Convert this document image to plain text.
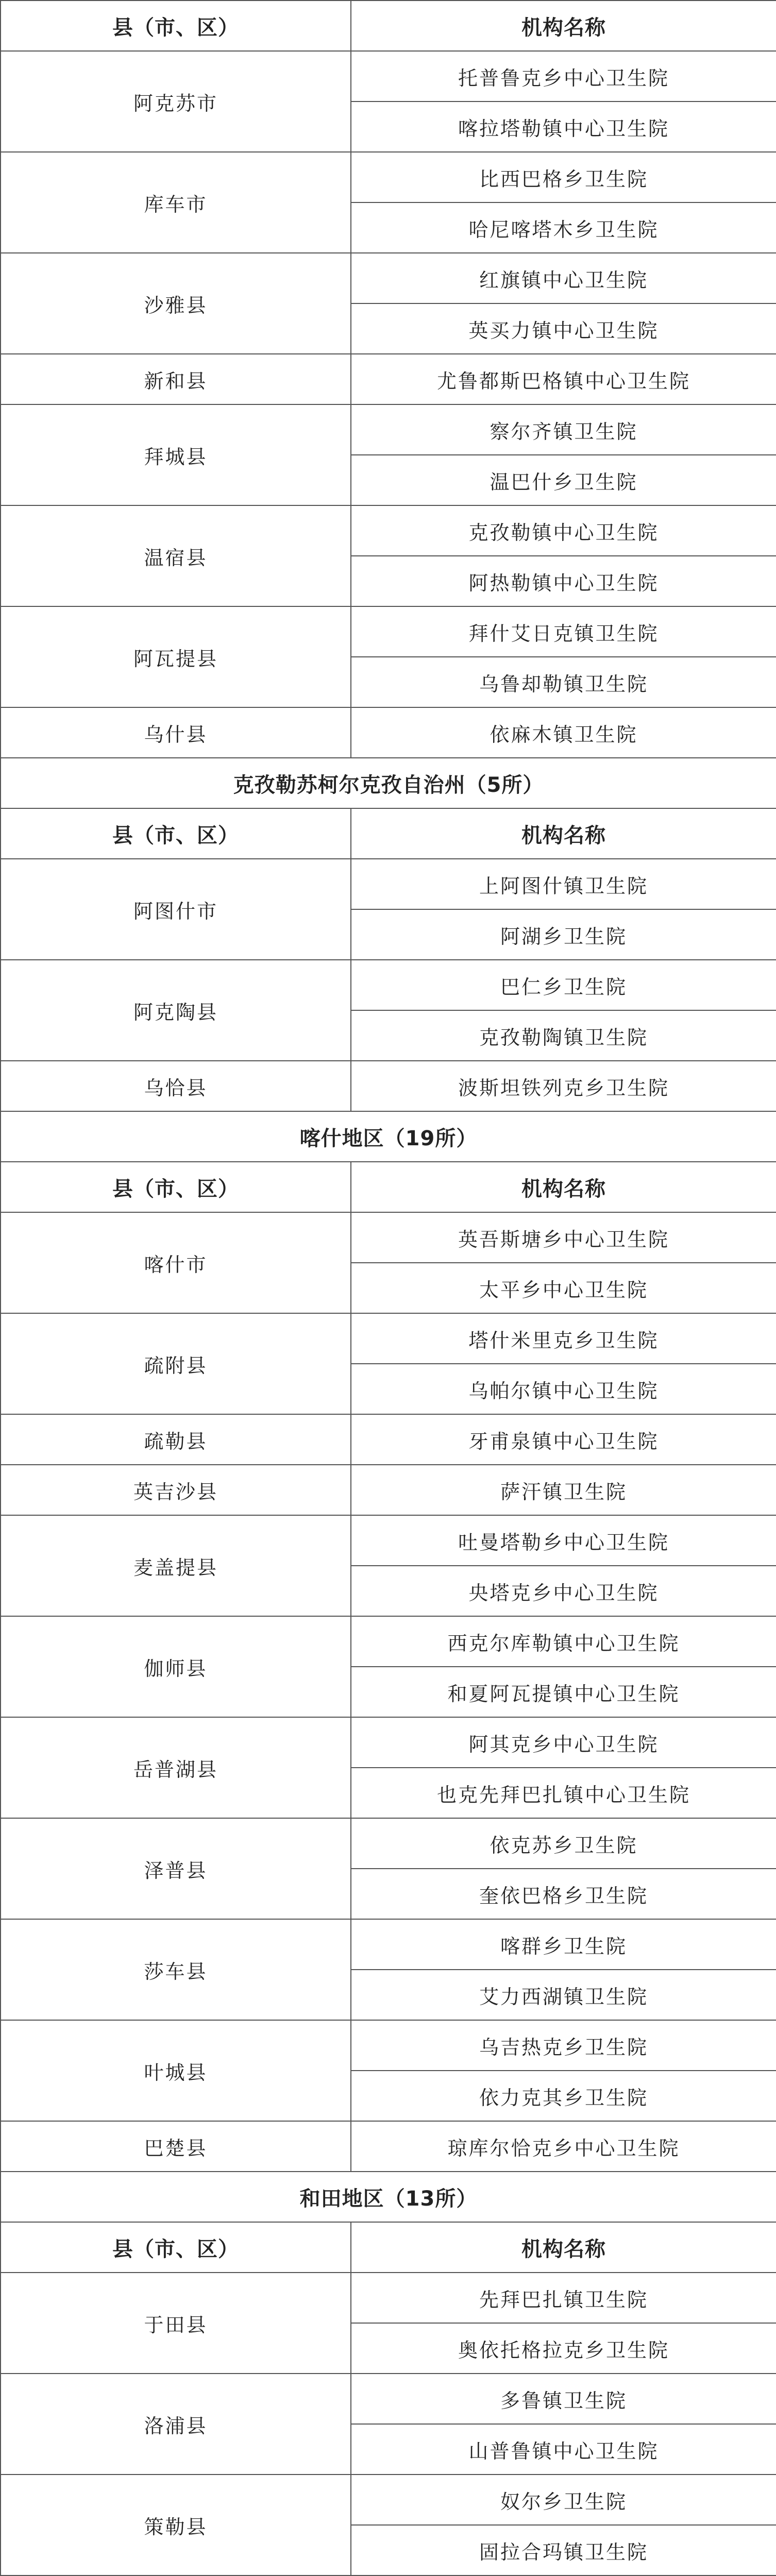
县（市、区）	机构名称
阿克苏市	托普鲁克乡中心卫生院
	喀拉塔勒镇中心卫生院
库车市	比西巴格乡卫生院
	哈尼喀塔木乡卫生院
沙雅县	红旗镇中心卫生院
	英买力镇中心卫生院
新和县	尤鲁都斯巴格镇中心卫生院
拜城县	察尔齐镇卫生院
	温巴什乡卫生院
温宿县	克孜勒镇中心卫生院
	阿热勒镇中心卫生院
阿瓦提县	拜什艾日克镇卫生院
	乌鲁却勒镇卫生院
乌什县	依麻木镇卫生院
克孜勒苏柯尔克孜自治州（5所）	
县（市、区）	机构名称
阿图什市	上阿图什镇卫生院
	阿湖乡卫生院
阿克陶县	巴仁乡卫生院
	克孜勒陶镇卫生院
乌恰县	波斯坦铁列克乡卫生院
喀什地区（19所）	
县（市、区）	机构名称
喀什市	英吾斯塘乡中心卫生院
	太平乡中心卫生院
疏附县	塔什米里克乡卫生院
	乌帕尔镇中心卫生院
疏勒县	牙甫泉镇中心卫生院
英吉沙县	萨汗镇卫生院
麦盖提县	吐曼塔勒乡中心卫生院
	央塔克乡中心卫生院
伽师县	西克尔库勒镇中心卫生院
	和夏阿瓦提镇中心卫生院
岳普湖县	阿其克乡中心卫生院
	也克先拜巴扎镇中心卫生院
泽普县	依克苏乡卫生院
	奎依巴格乡卫生院
莎车县	喀群乡卫生院
	艾力西湖镇卫生院
叶城县	乌吉热克乡卫生院
	依力克其乡卫生院
巴楚县	琼库尔恰克乡中心卫生院
和田地区（13所）	
县（市、区）	机构名称
于田县	先拜巴扎镇卫生院
	奥依托格拉克乡卫生院
洛浦县	多鲁镇卫生院
	山普鲁镇中心卫生院
策勒县	奴尔乡卫生院
	固拉合玛镇卫生院
